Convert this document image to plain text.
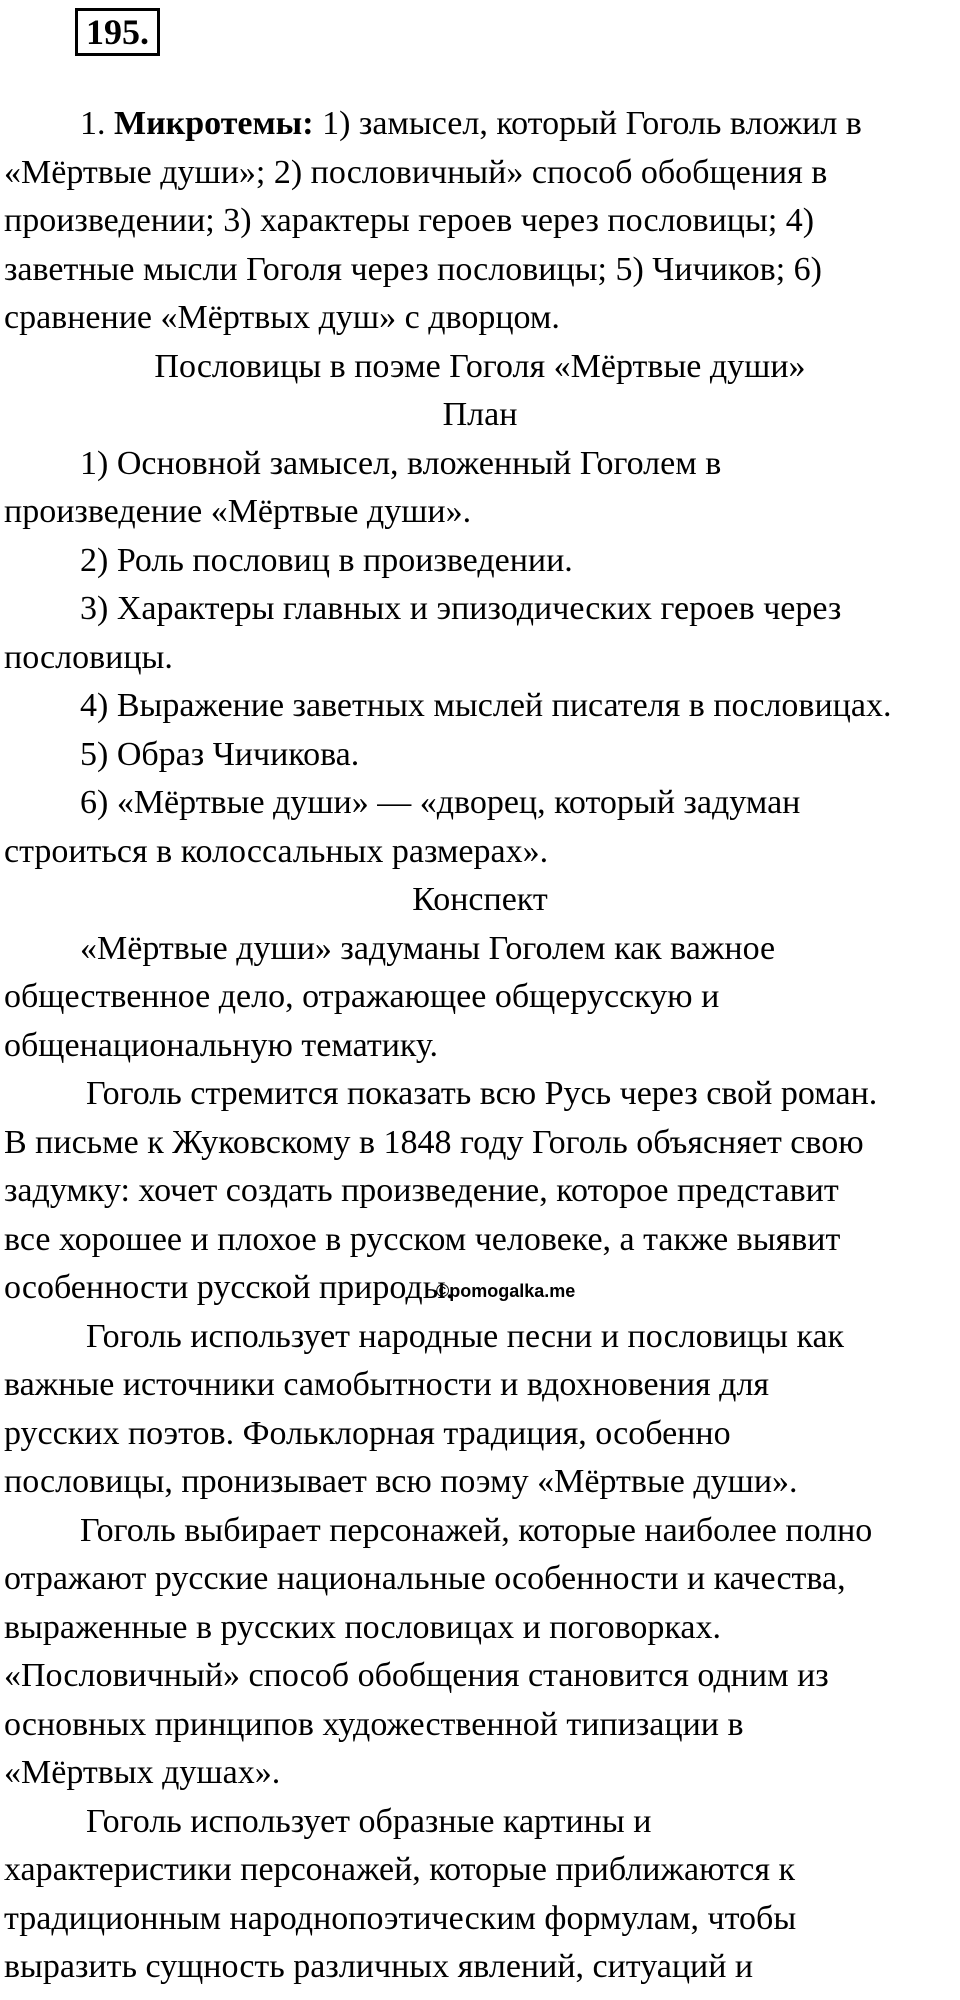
195.
1. Микротемы: 1) замысел, который Гоголь вложил в
«Мёртвые души»; 2) пословичный» способ обобщения в
произведении; 3) характеры героев через пословицы; 4)
заветные мысли Гоголя через пословицы; 5) Чичиков; 6)
сравнение «Мёртвых душ» с дворцом.
Пословицы в поэме Гоголя «Мёртвые души»
План
1) Основной замысел, вложенный Гоголем в
произведение «Мёртвые души».
2) Роль пословиц в произведении.
3) Характеры главных и эпизодических героев через
пословицы.
4) Выражение заветных мыслей писателя в пословицах.
5) Образ Чичикова.
6) «Мёртвые души» — «дворец, который задуман
строиться в колоссальных размерах».
Конспект
«Мёртвые души» задуманы Гоголем как важное
общественное дело, отражающее общерусскую и
общенациональную тематику.
Гоголь стремится показать всю Русь через свой роман.
В письме к Жуковскому в 1848 году Гоголь объясняет свою
задумку: хочет создать произведение, которое представит
все хорошее и плохое в русском человеке, а также выявит
особенности русской природы.
Гоголь использует народные песни и пословицы как
важные источники самобытности и вдохновения для
русских поэтов. Фольклорная традиция, особенно
пословицы, пронизывает всю поэму «Мёртвые души».
Гоголь выбирает персонажей, которые наиболее полно
отражают русские национальные особенности и качества,
выраженные в русских пословицах и поговорках.
«Пословичный» способ обобщения становится одним из
основных принципов художественной типизации в
«Мёртвых душах».
Гоголь использует образные картины и
характеристики персонажей, которые приближаются к
традиционным народнопоэтическим формулам, чтобы
выразить сущность различных явлений, ситуаций и
©pomogalka.me
